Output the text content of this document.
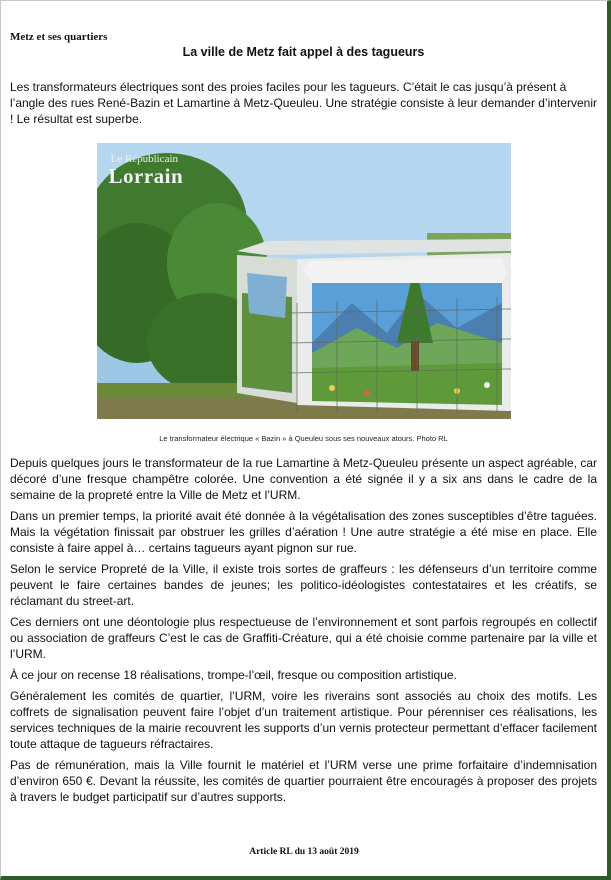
Metz et ses quartiers

La ville de Metz fait appel à des tagueurs

Les transformateurs électriques sont des proies faciles pour les tagueurs. C’était le cas jusqu’à présent à l’angle des rues René-Bazin et Lamartine à Metz-Queuleu. Une stratégie consiste à leur demander d’intervenir ! Le résultat est superbe.

Le Républicain
Lorrain

Le transformateur électrique « Bazin » à Queuleu sous ses nouveaux atours. Photo RL

Depuis quelques jours le transformateur de la rue Lamartine à Metz-Queuleu présente un aspect agréable, car décoré d’une fresque champêtre colorée. Une convention a été signée il y a six ans dans le cadre de la semaine de la propreté entre la Ville de Metz et l’URM.

Dans un premier temps, la priorité avait été donnée à la végétalisation des zones susceptibles d’être taguées. Mais la végétation finissait par obstruer les grilles d’aération ! Une autre stratégie a été mise en place. Elle consiste à faire appel à… certains tagueurs ayant pignon sur rue.

Selon le service Propreté de la Ville, il existe trois sortes de graffeurs : les défenseurs d’un territoire comme peuvent le faire certaines bandes de jeunes; les politico-idéologistes contestataires et les créatifs, se réclamant du street-art.

Ces derniers ont une déontologie plus respectueuse de l’environnement et sont parfois regroupés en collectif ou association de graffeurs C’est le cas de Graffiti-Créature, qui a été choisie comme partenaire par la ville et l’URM.

À ce jour on recense 18 réalisations, trompe-l’œil, fresque ou composition artistique.

Généralement les comités de quartier, l’URM, voire les riverains sont associés au choix des motifs. Les coffrets de signalisation peuvent faire l’objet d’un traitement artistique. Pour pérenniser ces réalisations, les services techniques de la mairie recouvrent les supports d’un vernis protecteur permettant d’effacer facilement toute attaque de tagueurs réfractaires.

Pas de rémunération, mais la Ville fournit le matériel et l’URM verse une prime forfaitaire d’indemnisation d’environ 650 €. Devant la réussite, les comités de quartier pourraient être encouragés à proposer des projets à travers le budget participatif sur d’autres supports.

Article RL du 13 août 2019
